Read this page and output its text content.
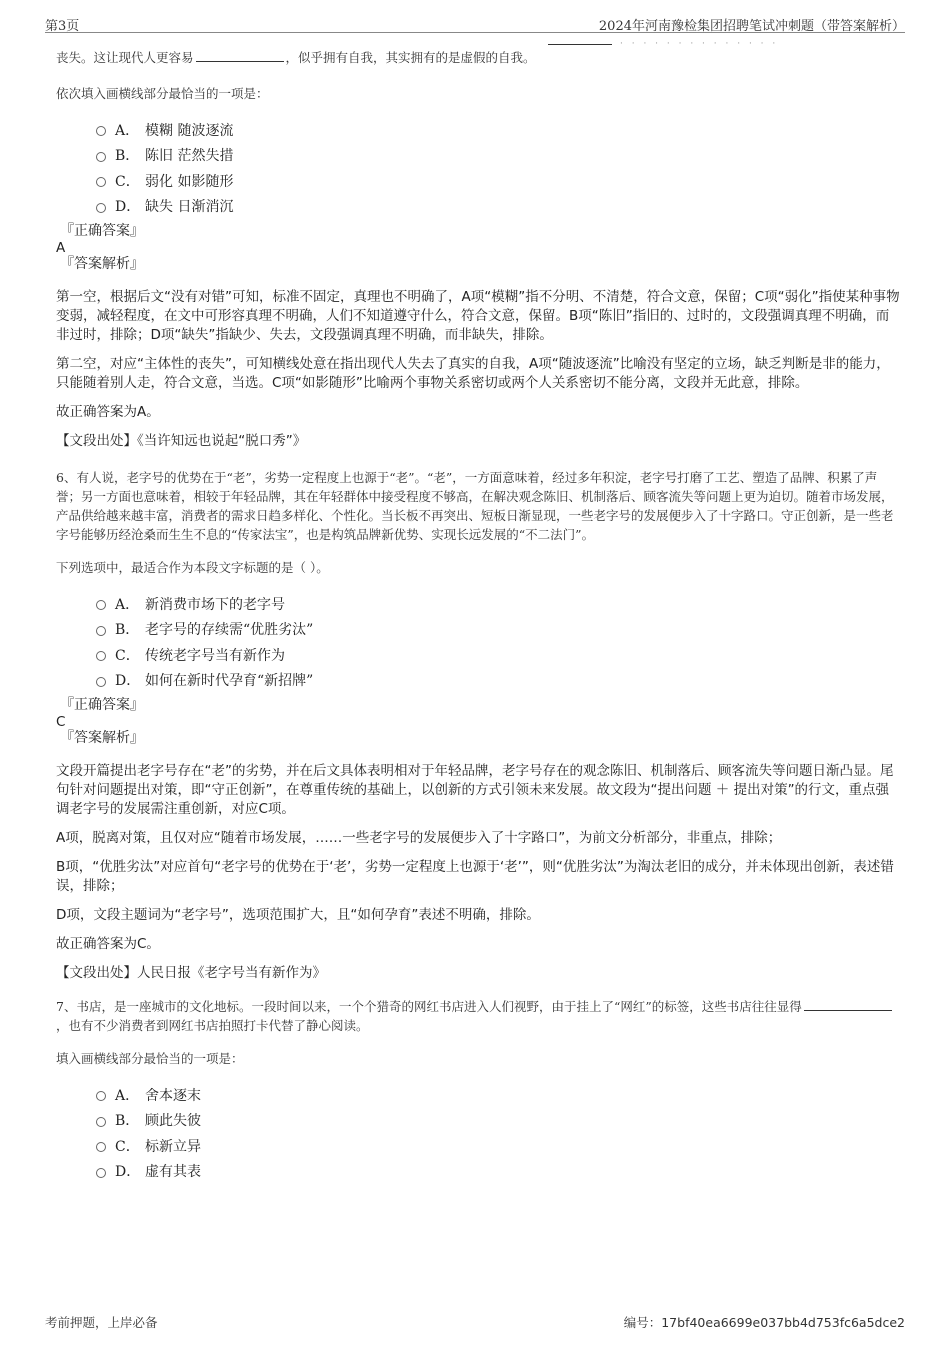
第3页	2024年河南豫检集团招聘笔试冲刺题（带答案解析）
· · · · · · · · · · · · · ·

丧失。这让现代人更容易	，似乎拥有自我，其实拥有的是虚假的自我。

依次填入画横线部分最恰当的一项是：

A． 模糊 随波逐流
B． 陈旧 茫然失措
C． 弱化 如影随形
D． 缺失 日渐消沉
『正确答案』
A
『答案解析』

第一空，根据后文“没有对错”可知，标准不固定，真理也不明确了，A项“模糊”指不分明、不清楚，符合文意，保留；C项“弱化”指使某种事物变弱，减轻程度，在文中可形容真理不明确，人们不知道遵守什么，符合文意，保留。B项“陈旧”指旧的、过时的，文段强调真理不明确，而非过时，排除；D项“缺失”指缺少、失去，文段强调真理不明确，而非缺失，排除。

第二空，对应“主体性的丧失”，可知横线处意在指出现代人失去了真实的自我，A项“随波逐流”比喻没有坚定的立场，缺乏判断是非的能力，只能随着别人走，符合文意，当选。C项“如影随形”比喻两个事物关系密切或两个人关系密切不能分离，文段并无此意，排除。

故正确答案为A。

【文段出处】《当许知远也说起“脱口秀”》

6、有人说，老字号的优势在于“老”，劣势一定程度上也源于“老”。“老”，一方面意味着，经过多年积淀，老字号打磨了工艺、塑造了品牌、积累了声誉；另一方面也意味着，相较于年轻品牌，其在年轻群体中接受程度不够高，在解决观念陈旧、机制落后、顾客流失等问题上更为迫切。随着市场发展，产品供给越来越丰富，消费者的需求日趋多样化、个性化。当长板不再突出、短板日渐显现，一些老字号的发展便步入了十字路口。守正创新，是一些老字号能够历经沧桑而生生不息的“传家法宝”，也是构筑品牌新优势、实现长远发展的“不二法门”。

下列选项中，最适合作为本段文字标题的是（ ）。

A． 新消费市场下的老字号
B． 老字号的存续需“优胜劣汰”
C． 传统老字号当有新作为
D． 如何在新时代孕育“新招牌”
『正确答案』
C
『答案解析』

文段开篇提出老字号存在“老”的劣势，并在后文具体表明相对于年轻品牌，老字号存在的观念陈旧、机制落后、顾客流失等问题日渐凸显。尾句针对问题提出对策，即“守正创新”，在尊重传统的基础上，以创新的方式引领未来发展。故文段为“提出问题 ＋ 提出对策”的行文，重点强调老字号的发展需注重创新，对应C项。

A项，脱离对策，且仅对应“随着市场发展，……一些老字号的发展便步入了十字路口”，为前文分析部分，非重点，排除；

B项，“优胜劣汰”对应首句“老字号的优势在于‘老’，劣势一定程度上也源于‘老’”，则“优胜劣汰”为淘汰老旧的成分，并未体现出创新，表述错误，排除；

D项，文段主题词为“老字号”，选项范围扩大，且“如何孕育”表述不明确，排除。

故正确答案为C。

【文段出处】人民日报《老字号当有新作为》

7、书店，是一座城市的文化地标。一段时间以来，一个个猎奇的网红书店进入人们视野，由于挂上了“网红”的标签，这些书店往往显得，也有不少消费者到网红书店拍照打卡代替了静心阅读。

填入画横线部分最恰当的一项是：

A． 舍本逐末
B． 顾此失彼
C． 标新立异
D． 虚有其表
考前押题，上岸必备	编号：17bf40ea6699e037bb4d753fc6a5dce2
